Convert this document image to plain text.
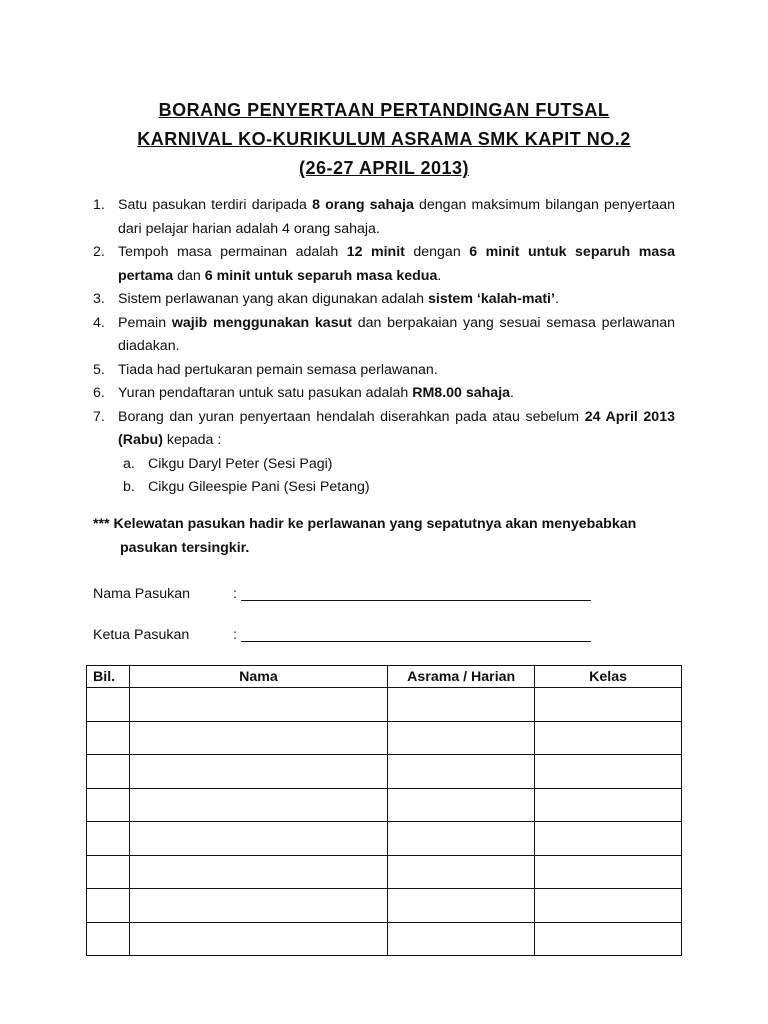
BORANG PENYERTAAN PERTANDINGAN FUTSAL
KARNIVAL KO-KURIKULUM ASRAMA SMK KAPIT NO.2
(26-27 APRIL 2013)
1. Satu pasukan terdiri daripada 8 orang sahaja dengan maksimum bilangan penyertaan dari pelajar harian adalah 4 orang sahaja.
2. Tempoh masa permainan adalah 12 minit dengan 6 minit untuk separuh masa pertama dan 6 minit untuk separuh masa kedua.
3. Sistem perlawanan yang akan digunakan adalah sistem ‘kalah-mati’.
4. Pemain wajib menggunakan kasut dan berpakaian yang sesuai semasa perlawanan diadakan.
5. Tiada had pertukaran pemain semasa perlawanan.
6. Yuran pendaftaran untuk satu pasukan adalah RM8.00 sahaja.
7. Borang dan yuran penyertaan hendalah diserahkan pada atau sebelum 24 April 2013 (Rabu) kepada :
a. Cikgu Daryl Peter (Sesi Pagi)
b. Cikgu Gileespie Pani (Sesi Petang)
*** Kelewatan pasukan hadir ke perlawanan yang sepatutnya akan menyebabkan
pasukan tersingkir.
Nama Pasukan	:
Ketua Pasukan	:
Bil.	Nama	Asrama / Harian	Kelas
